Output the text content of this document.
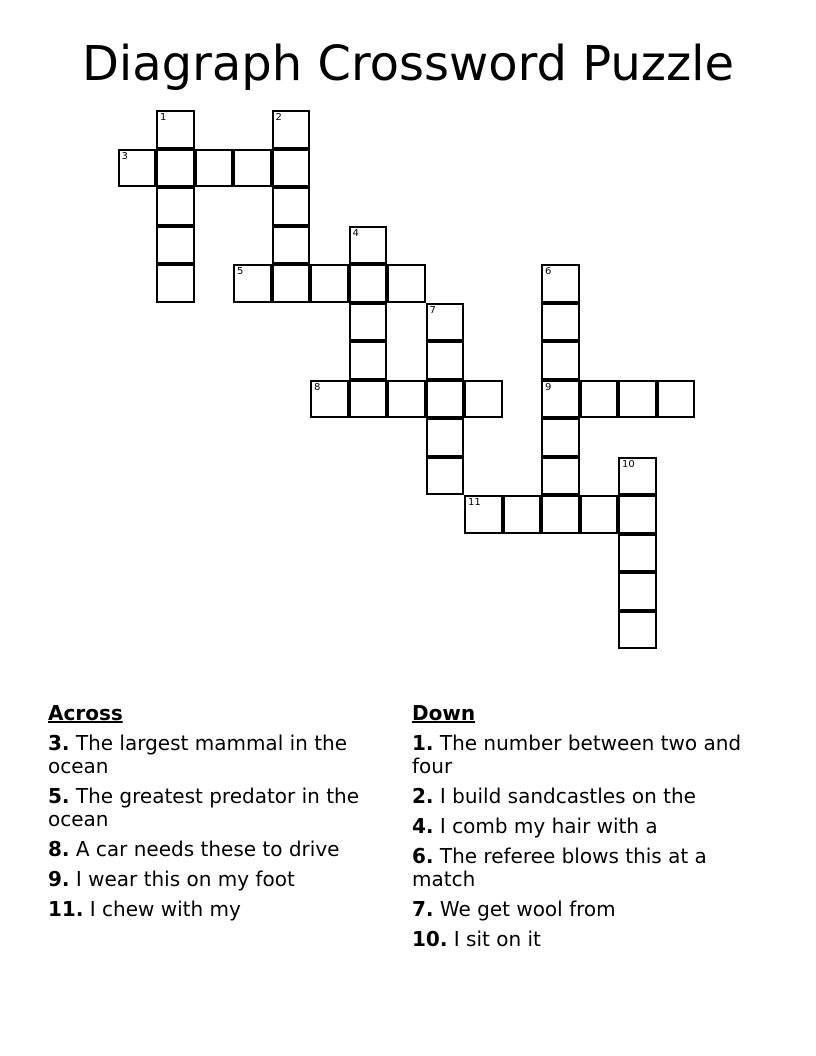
Diagraph Crossword Puzzle
1	2
3
4
5	6
7
8	9
10
11
Across
3. The largest mammal in the ocean
5. The greatest predator in the ocean
8. A car needs these to drive
9. I wear this on my foot
11. I chew with my
Down
1. The number between two and four
2. I build sandcastles on the
4. I comb my hair with a
6. The referee blows this at a match
7. We get wool from
10. I sit on it
